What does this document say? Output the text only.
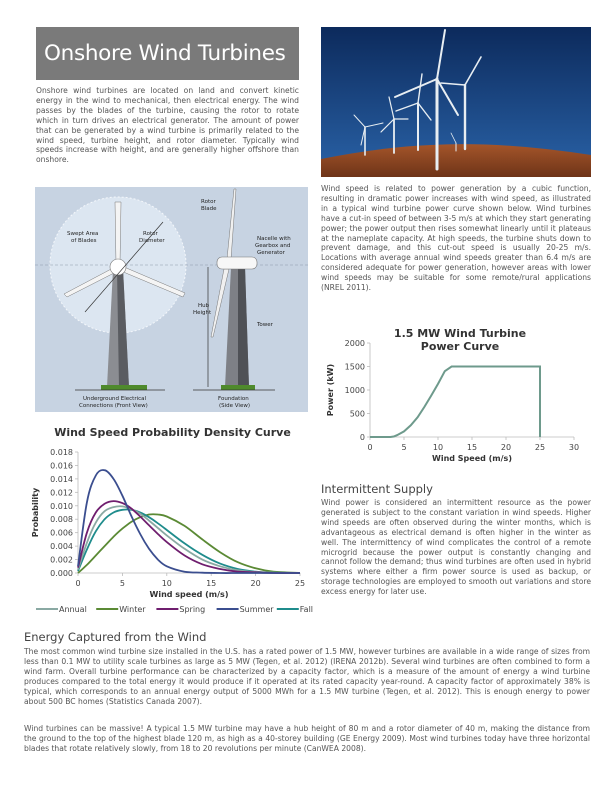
Onshore Wind Turbines

Onshore wind turbines are located on land and convert kinetic energy in the wind to mechanical, then electrical energy. The wind passes by the blades of the turbine, causing the rotor to rotate which in turn drives an electrical generator. The amount of power that can be generated by a wind turbine is primarily related to the wind speed, turbine height, and rotor diameter. Typically wind speeds increase with height, and are generally higher offshore than onshore.

Swept Area
of Blades
Rotor
Diameter
Rotor
Blade
Nacelle with
Gearbox and
Generator
Hub
Height
Tower
Underground Electrical
Connections (Front View)
Foundation
(Side View)

Wind speed is related to power generation by a cubic function, resulting in dramatic power increases with wind speed, as illustrated in a typical wind turbine power curve shown below. Wind turbines have a cut-in speed of between 3-5 m/s at which they start generating power; the power output then rises somewhat linearly until it plateaus at the nameplate capacity. At high speeds, the turbine shuts down to prevent damage, and this cut-out speed is usually 20-25 m/s. Locations with average annual wind speeds greater than 6.4 m/s are considered adequate for power generation, however areas with lower wind speeds may be suitable for some remote/rural applications (NREL 2011).

1.5 MW Wind Turbine Power Curve
0	5	10	15	20	25	30
0
500
1000
1500
2000
Wind Speed (m/s)
Power (kW)
Wind Speed Probability Density Curve
0	5	10	15	20	25
0.000
0.002
0.004
0.006
0.008
0.010
0.012
0.014
0.016
0.018
Wind speed (m/s)
Probability
Annual	Winter	Spring	Summer	Fall
Intermittent Supply

Wind power is considered an intermittent resource as the power generated is subject to the constant variation in wind speeds. Higher wind speeds are often observed during the winter months, which is advantageous as electrical demand is often higher in the winter as well. The intermittency of wind complicates the control of a remote microgrid because the power output is constantly changing and cannot follow the demand; thus wind turbines are often used in hybrid systems where either a firm power source is used as backup, or storage technologies are employed to smooth out variations and store excess energy for later use.

Energy Captured from the Wind

The most common wind turbine size installed in the U.S. has a rated power of 1.5 MW, however turbines are available in a wide range of sizes from less than 0.1 MW to utility scale turbines as large as 5 MW (Tegen, et al. 2012) (IRENA 2012b). Several wind turbines are often combined to form a wind farm. Overall turbine performance can be characterized by a capacity factor, which is a measure of the amount of energy a wind turbine produces compared to the total energy it would produce if it operated at its rated capacity year-round. A capacity factor of approximately 38% is typical, which corresponds to an annual energy output of 5000 MWh for a 1.5 MW turbine (Tegen, et al. 2012). This is enough energy to power about 500 BC homes (Statistics Canada 2007).

Wind turbines can be massive! A typical 1.5 MW turbine may have a hub height of 80 m and a rotor diameter of 40 m, making the distance from the ground to the top of the highest blade 120 m, as high as a 40-storey building (GE Energy 2009). Most wind turbines today have three horizontal blades that rotate relatively slowly, from 18 to 20 revolutions per minute (CanWEA 2008).
